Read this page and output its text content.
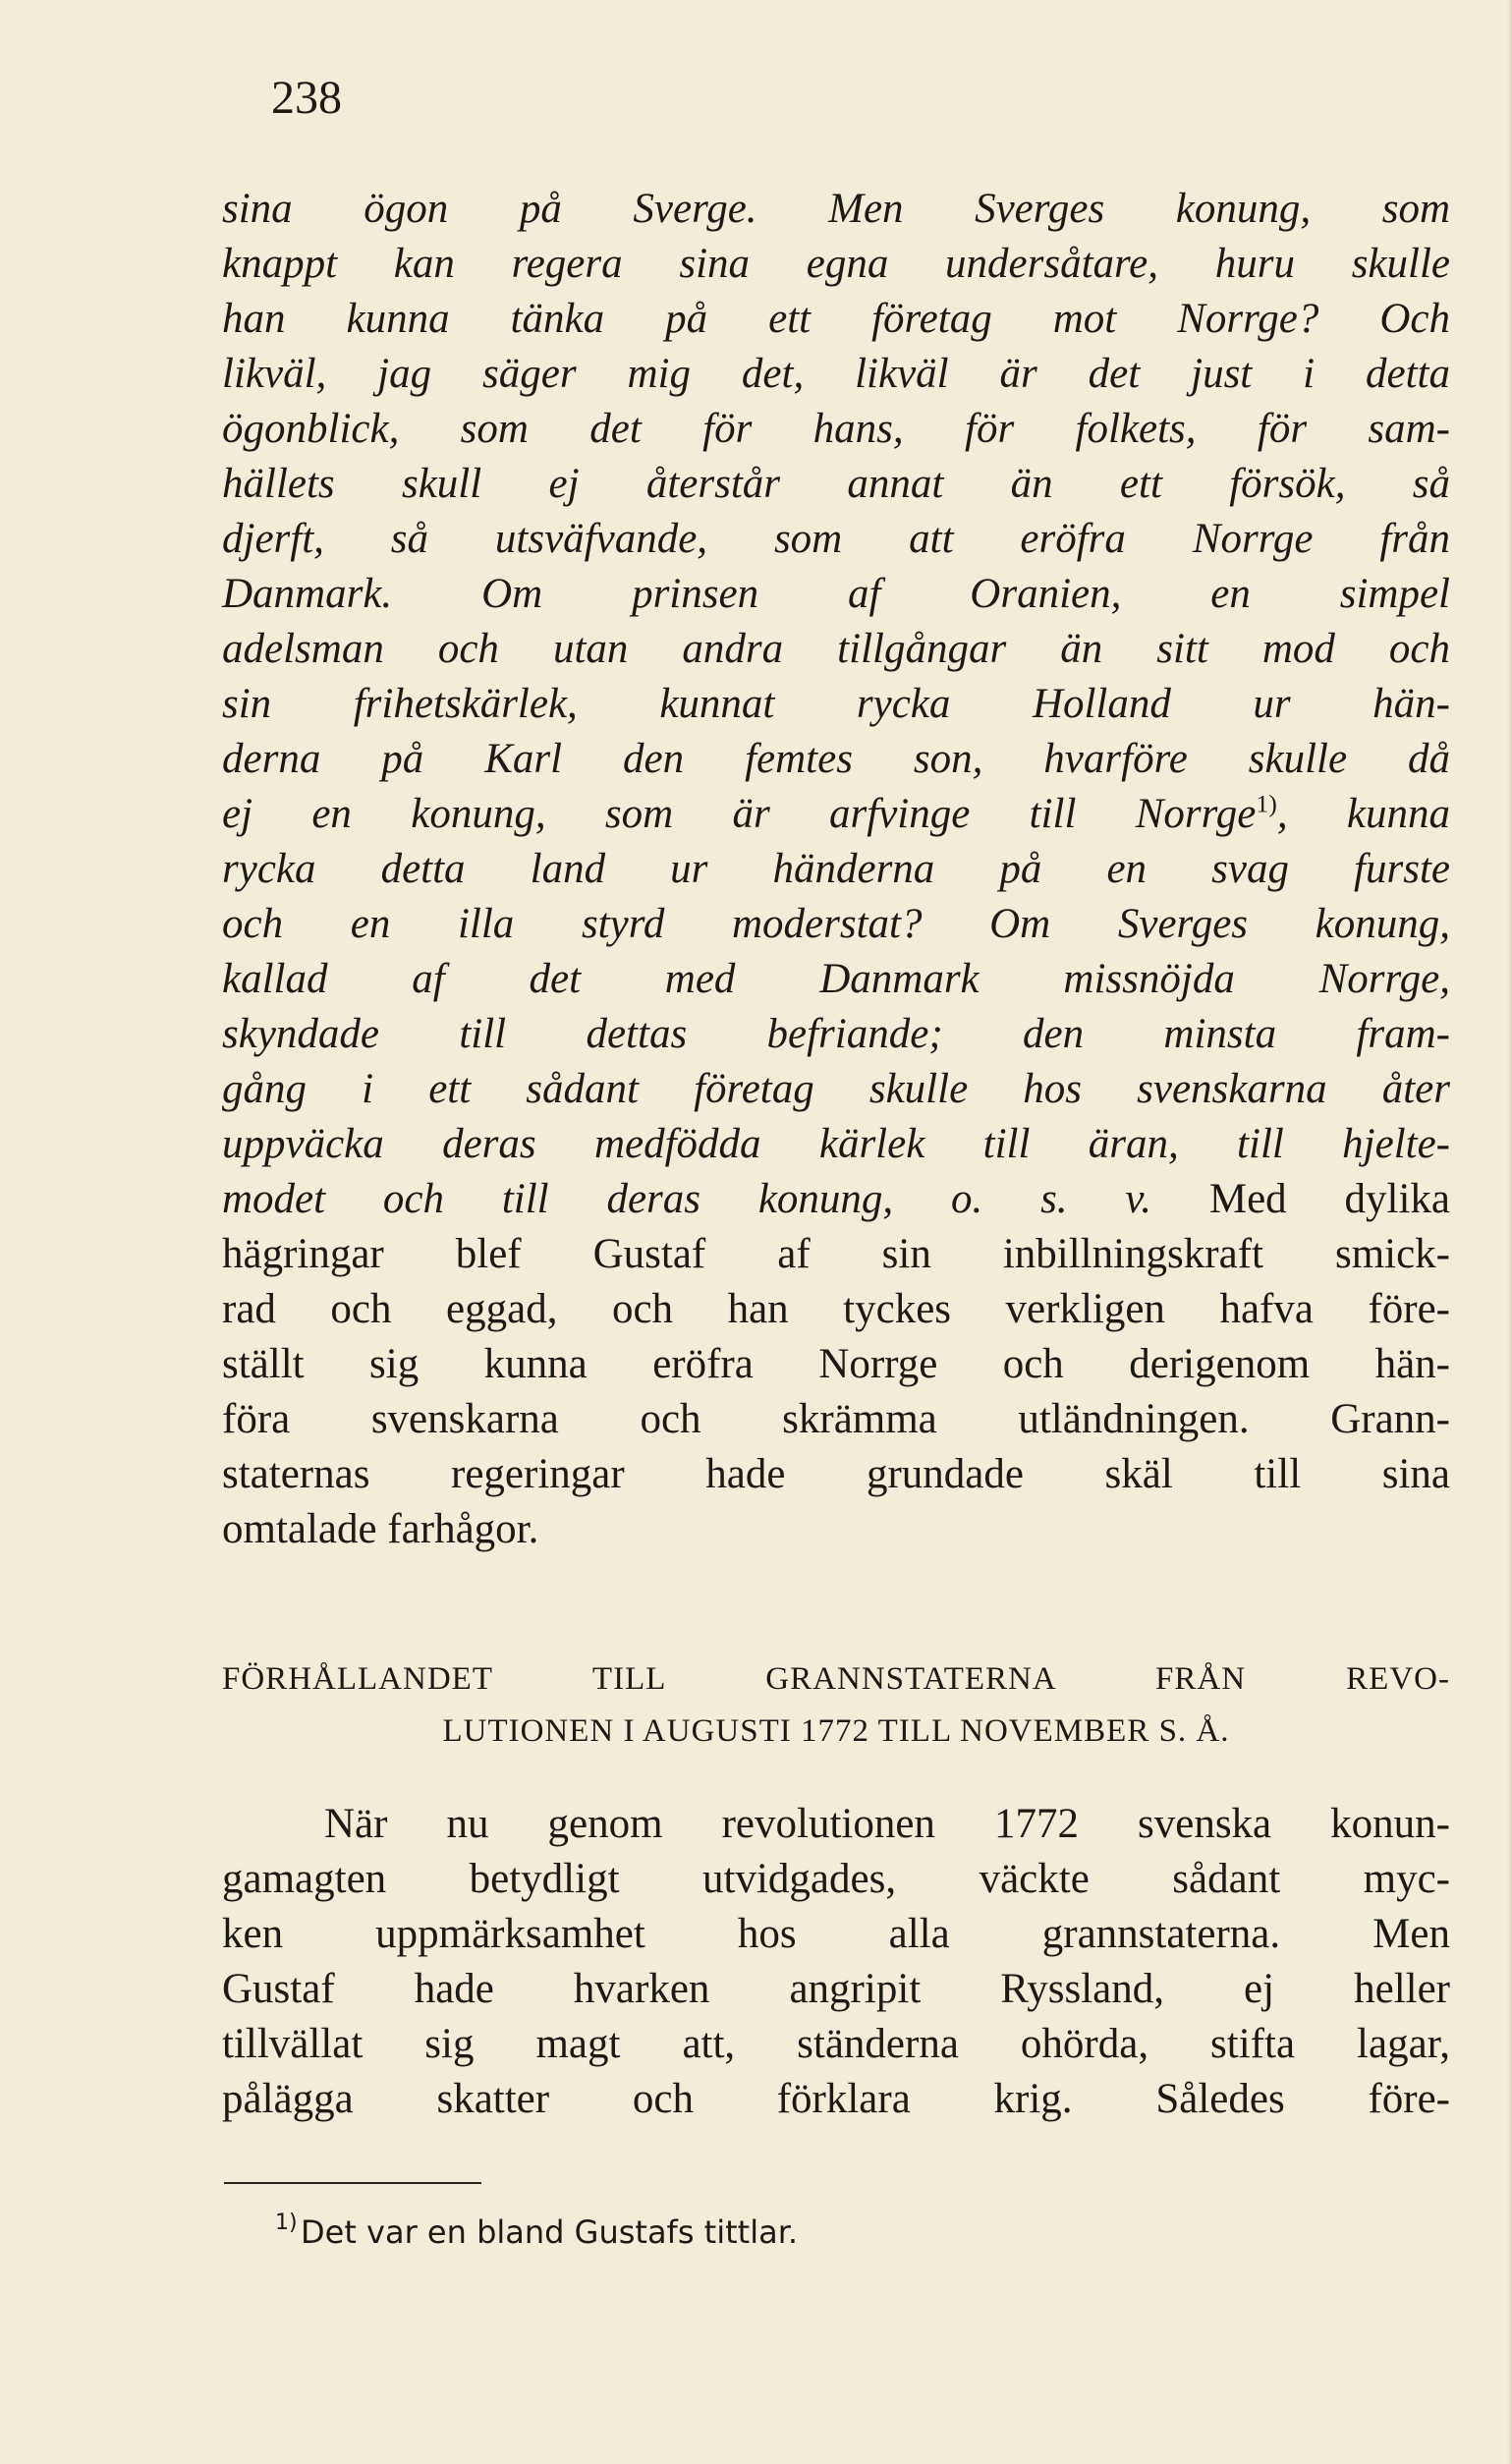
238
sina ögon på Sverge. Men Sverges konung, som
knappt kan regera sina egna undersåtare, huru skulle
han kunna tänka på ett företag mot Norrge? Och
likväl, jag säger mig det, likväl är det just i detta
ögonblick, som det för hans, för folkets, för sam-
hällets skull ej återstår annat än ett försök, så
djerft, så utsväfvande, som att eröfra Norrge från
Danmark. Om prinsen af Oranien, en simpel
adelsman och utan andra tillgångar än sitt mod och
sin frihetskärlek, kunnat rycka Holland ur hän-
derna på Karl den femtes son, hvarföre skulle då
ej en konung, som är arfvinge till Norrge$^{1)}$, kunna
rycka detta land ur händerna på en svag furste
och en illa styrd moderstat? Om Sverges konung,
kallad af det med Danmark missnöjda Norrge,
skyndade till dettas befriande; den minsta fram-
gång i ett sådant företag skulle hos svenskarna åter
uppväcka deras medfödda kärlek till äran, till hjelte-
modet och till deras konung, o. s. v. Med dylika
hägringar blef Gustaf af sin inbillningskraft smick-
rad och eggad, och han tyckes verkligen hafva före-
ställt sig kunna eröfra Norrge och derigenom hän-
föra svenskarna och skrämma utländningen. Grann-
staternas regeringar hade grundade skäl till sina
omtalade farhågor.
FÖRHÅLLANDET TILL GRANNSTATERNA FRÅN REVO-
LUTIONEN I AUGUSTI 1772 TILL NOVEMBER S. Å.
När nu genom revolutionen 1772 svenska konun-
gamagten betydligt utvidgades, väckte sådant myc-
ken uppmärksamhet hos alla grannstaterna. Men
Gustaf hade hvarken angripit Ryssland, ej heller
tillvällat sig magt att, ständerna ohörda, stifta lagar,
pålägga skatter och förklara krig. Således före-
1) Det var en bland Gustafs tittlar.
